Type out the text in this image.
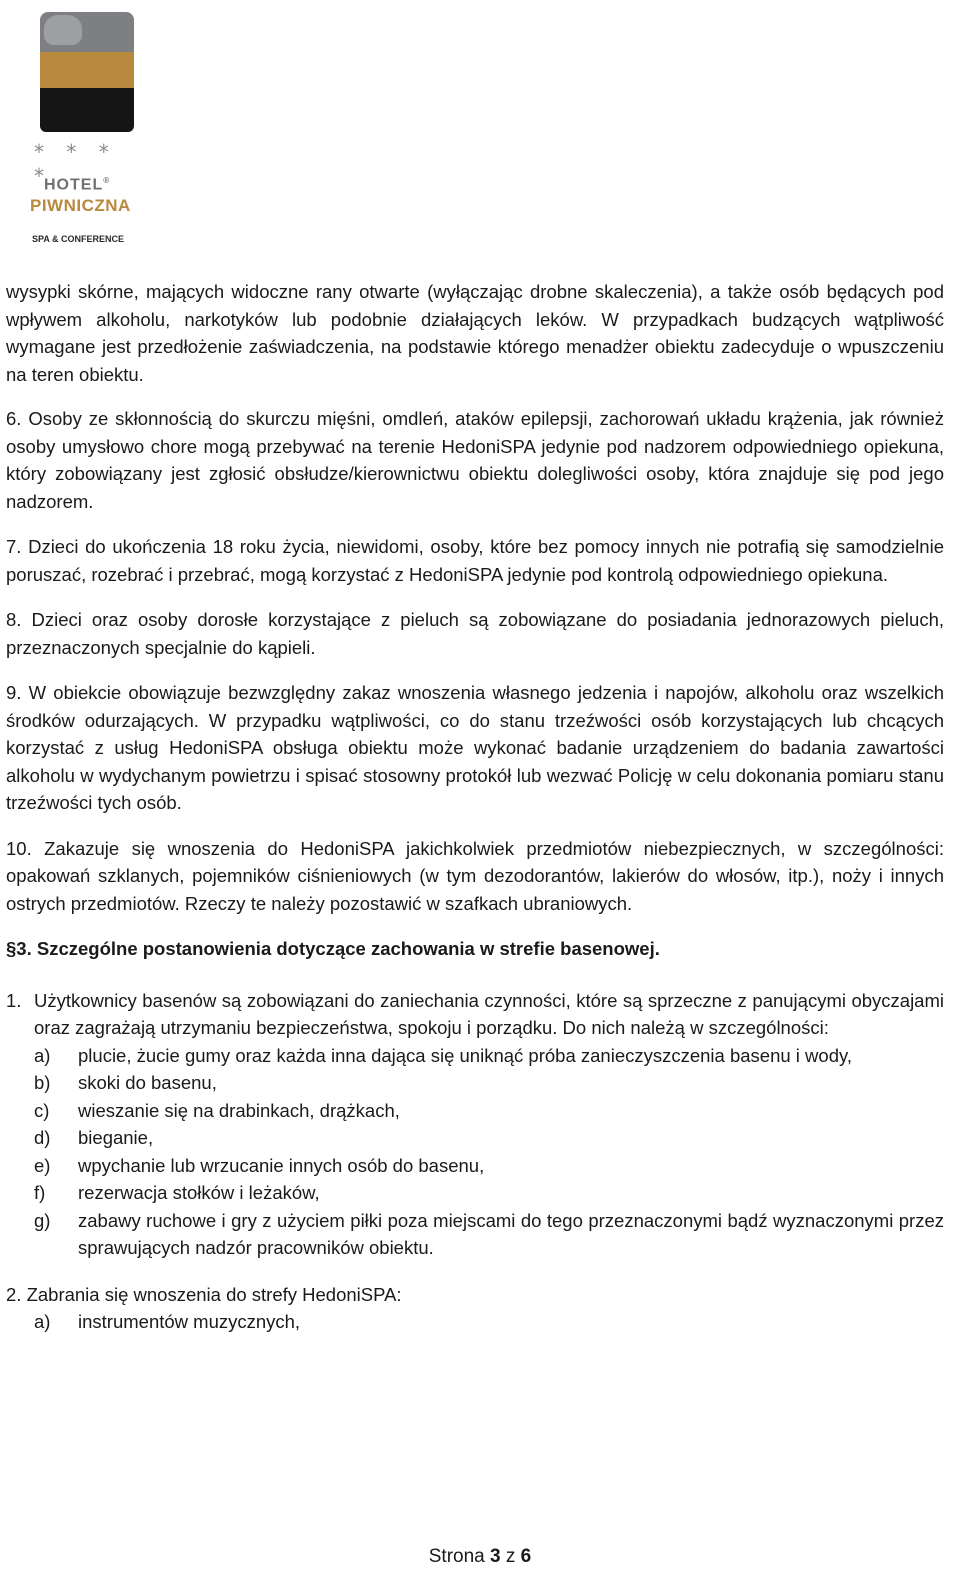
* * * *
HOTEL®
PIWNICZNA
SPA & CONFERENCE

wysypki skórne, mających widoczne rany otwarte (wyłączając drobne skaleczenia), a także osób będących pod wpływem alkoholu, narkotyków lub podobnie działających leków. W przypadkach budzących wątpliwość wymagane jest przedłożenie zaświadczenia, na podstawie którego menadżer obiektu zadecyduje o wpuszczeniu na teren obiektu.

6. Osoby ze skłonnością do skurczu mięśni, omdleń, ataków epilepsji, zachorowań układu krążenia, jak również osoby umysłowo chore mogą przebywać na terenie HedoniSPA jedynie pod nadzorem odpowiedniego opiekuna, który zobowiązany jest zgłosić obsłudze/kierownictwu obiektu dolegliwości osoby, która znajduje się pod jego nadzorem.

7. Dzieci do ukończenia 18 roku życia, niewidomi, osoby, które bez pomocy innych nie potrafią się samodzielnie poruszać, rozebrać i przebrać, mogą korzystać z HedoniSPA jedynie pod kontrolą odpowiedniego opiekuna.

8. Dzieci oraz osoby dorosłe korzystające z pieluch są zobowiązane do posiadania jednorazowych pieluch, przeznaczonych specjalnie do kąpieli.

9. W obiekcie obowiązuje bezwzględny zakaz wnoszenia własnego jedzenia i napojów, alkoholu oraz wszelkich środków odurzających. W przypadku wątpliwości, co do stanu trzeźwości osób korzystających lub chcących korzystać z usług HedoniSPA obsługa obiektu może wykonać badanie urządzeniem do badania zawartości alkoholu w wydychanym powietrzu i spisać stosowny protokół lub wezwać Policję w celu dokonania pomiaru stanu trzeźwości tych osób.

10. Zakazuje się wnoszenia do HedoniSPA jakichkolwiek przedmiotów niebezpiecznych, w szczególności: opakowań szklanych, pojemników ciśnieniowych (w tym dezodorantów, lakierów do włosów, itp.), noży i innych ostrych przedmiotów. Rzeczy te należy pozostawić w szafkach ubraniowych.

§3. Szczególne postanowienia dotyczące zachowania w strefie basenowej.

1. Użytkownicy basenów są zobowiązani do zaniechania czynności, które są sprzeczne z panującymi obyczajami oraz zagrażają utrzymaniu bezpieczeństwa, spokoju i porządku. Do nich należą w szczególności:
a)	plucie, żucie gumy oraz każda inna dająca się uniknąć próba zanieczyszczenia basenu i wody,
b)	skoki do basenu,
c)	wieszanie się na drabinkach, drążkach,
d)	bieganie,
e)	wpychanie lub wrzucanie innych osób do basenu,
f)	rezerwacja stołków i leżaków,
g)	zabawy ruchowe i gry z użyciem piłki poza miejscami do tego przeznaczonymi bądź wyznaczonymi przez sprawujących nadzór pracowników obiektu.

2. Zabrania się wnoszenia do strefy HedoniSPA:

a)	instrumentów muzycznych,
Strona 3 z 6
